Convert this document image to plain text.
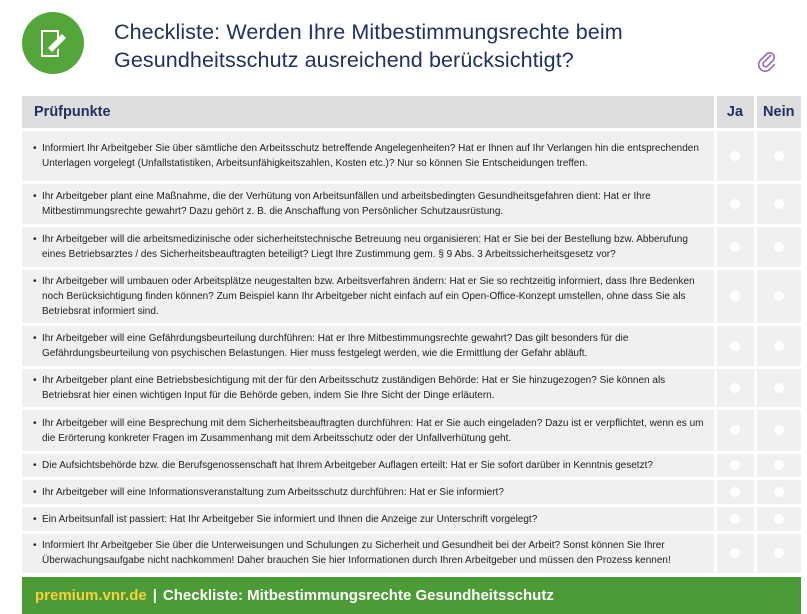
Checkliste: Werden Ihre Mitbestimmungsrechte beim
Gesundheitsschutz ausreichend berücksichtigt?
Prüfpunkte	Ja	Nein
• Informiert Ihr Arbeitgeber Sie über sämtliche den Arbeitsschutz betreffende Angelegenheiten? Hat er Ihnen auf Ihr Verlangen hin die entsprechenden Unterlagen vorgelegt (Unfallstatistiken, Arbeitsunfähigkeitszahlen, Kosten etc.)? Nur so können Sie Entscheidungen treffen.		
• Ihr Arbeitgeber plant eine Maßnahme, die der Verhütung von Arbeitsunfällen und arbeitsbedingten Gesundheitsgefahren dient: Hat er Ihre Mitbestimmungsrechte gewahrt? Dazu gehört z. B. die Anschaffung von Persönlicher Schutzausrüstung.		
• Ihr Arbeitgeber will die arbeitsmedizinische oder sicherheitstechnische Betreuung neu organisieren: Hat er Sie bei der Bestellung bzw. Abberufung eines Betriebsarztes / des Sicherheitsbeauftragten beteiligt? Liegt Ihre Zustimmung gem. § 9 Abs. 3 Arbeitssicherheitsgesetz vor?		
• Ihr Arbeitgeber will umbauen oder Arbeitsplätze neugestalten bzw. Arbeitsverfahren ändern: Hat er Sie so rechtzeitig informiert, dass Ihre Bedenken noch Berücksichtigung finden können? Zum Beispiel kann Ihr Arbeitgeber nicht einfach auf ein Open-Office-Konzept umstellen, ohne dass Sie als Betriebsrat informiert sind.		
• Ihr Arbeitgeber will eine Gefährdungsbeurteilung durchführen: Hat er Ihre Mitbestimmungsrechte gewahrt? Das gilt besonders für die Gefährdungsbeurteilung von psychischen Belastungen. Hier muss festgelegt werden, wie die Ermittlung der Gefahr abläuft.		
• Ihr Arbeitgeber plant eine Betriebsbesichtigung mit der für den Arbeitsschutz zuständigen Behörde: Hat er Sie hinzugezogen? Sie können als Betriebsrat hier einen wichtigen Input für die Behörde geben, indem Sie Ihre Sicht der Dinge erläutern.		
• Ihr Arbeitgeber will eine Besprechung mit dem Sicherheitsbeauftragten durchführen: Hat er Sie auch eingeladen? Dazu ist er verpflichtet, wenn es um die Erörterung konkreter Fragen im Zusammenhang mit dem Arbeitsschutz oder der Unfallverhütung geht.		
• Die Aufsichtsbehörde bzw. die Berufsgenossenschaft hat Ihrem Arbeitgeber Auflagen erteilt: Hat er Sie sofort darüber in Kenntnis gesetzt?		
• Ihr Arbeitgeber will eine Informationsveranstaltung zum Arbeitsschutz durchführen: Hat er Sie informiert?		
• Ein Arbeitsunfall ist passiert: Hat Ihr Arbeitgeber Sie informiert und Ihnen die Anzeige zur Unterschrift vorgelegt?		
• Informiert Ihr Arbeitgeber Sie über die Unterweisungen und Schulungen zu Sicherheit und Gesundheit bei der Arbeit? Sonst können Sie Ihrer Überwachungsaufgabe nicht nachkommen! Daher brauchen Sie hier Informationen durch Ihren Arbeitgeber und müssen den Prozess kennen!		
premium.vnr.de | Checkliste: Mitbestimmungsrechte Gesundheitsschutz
